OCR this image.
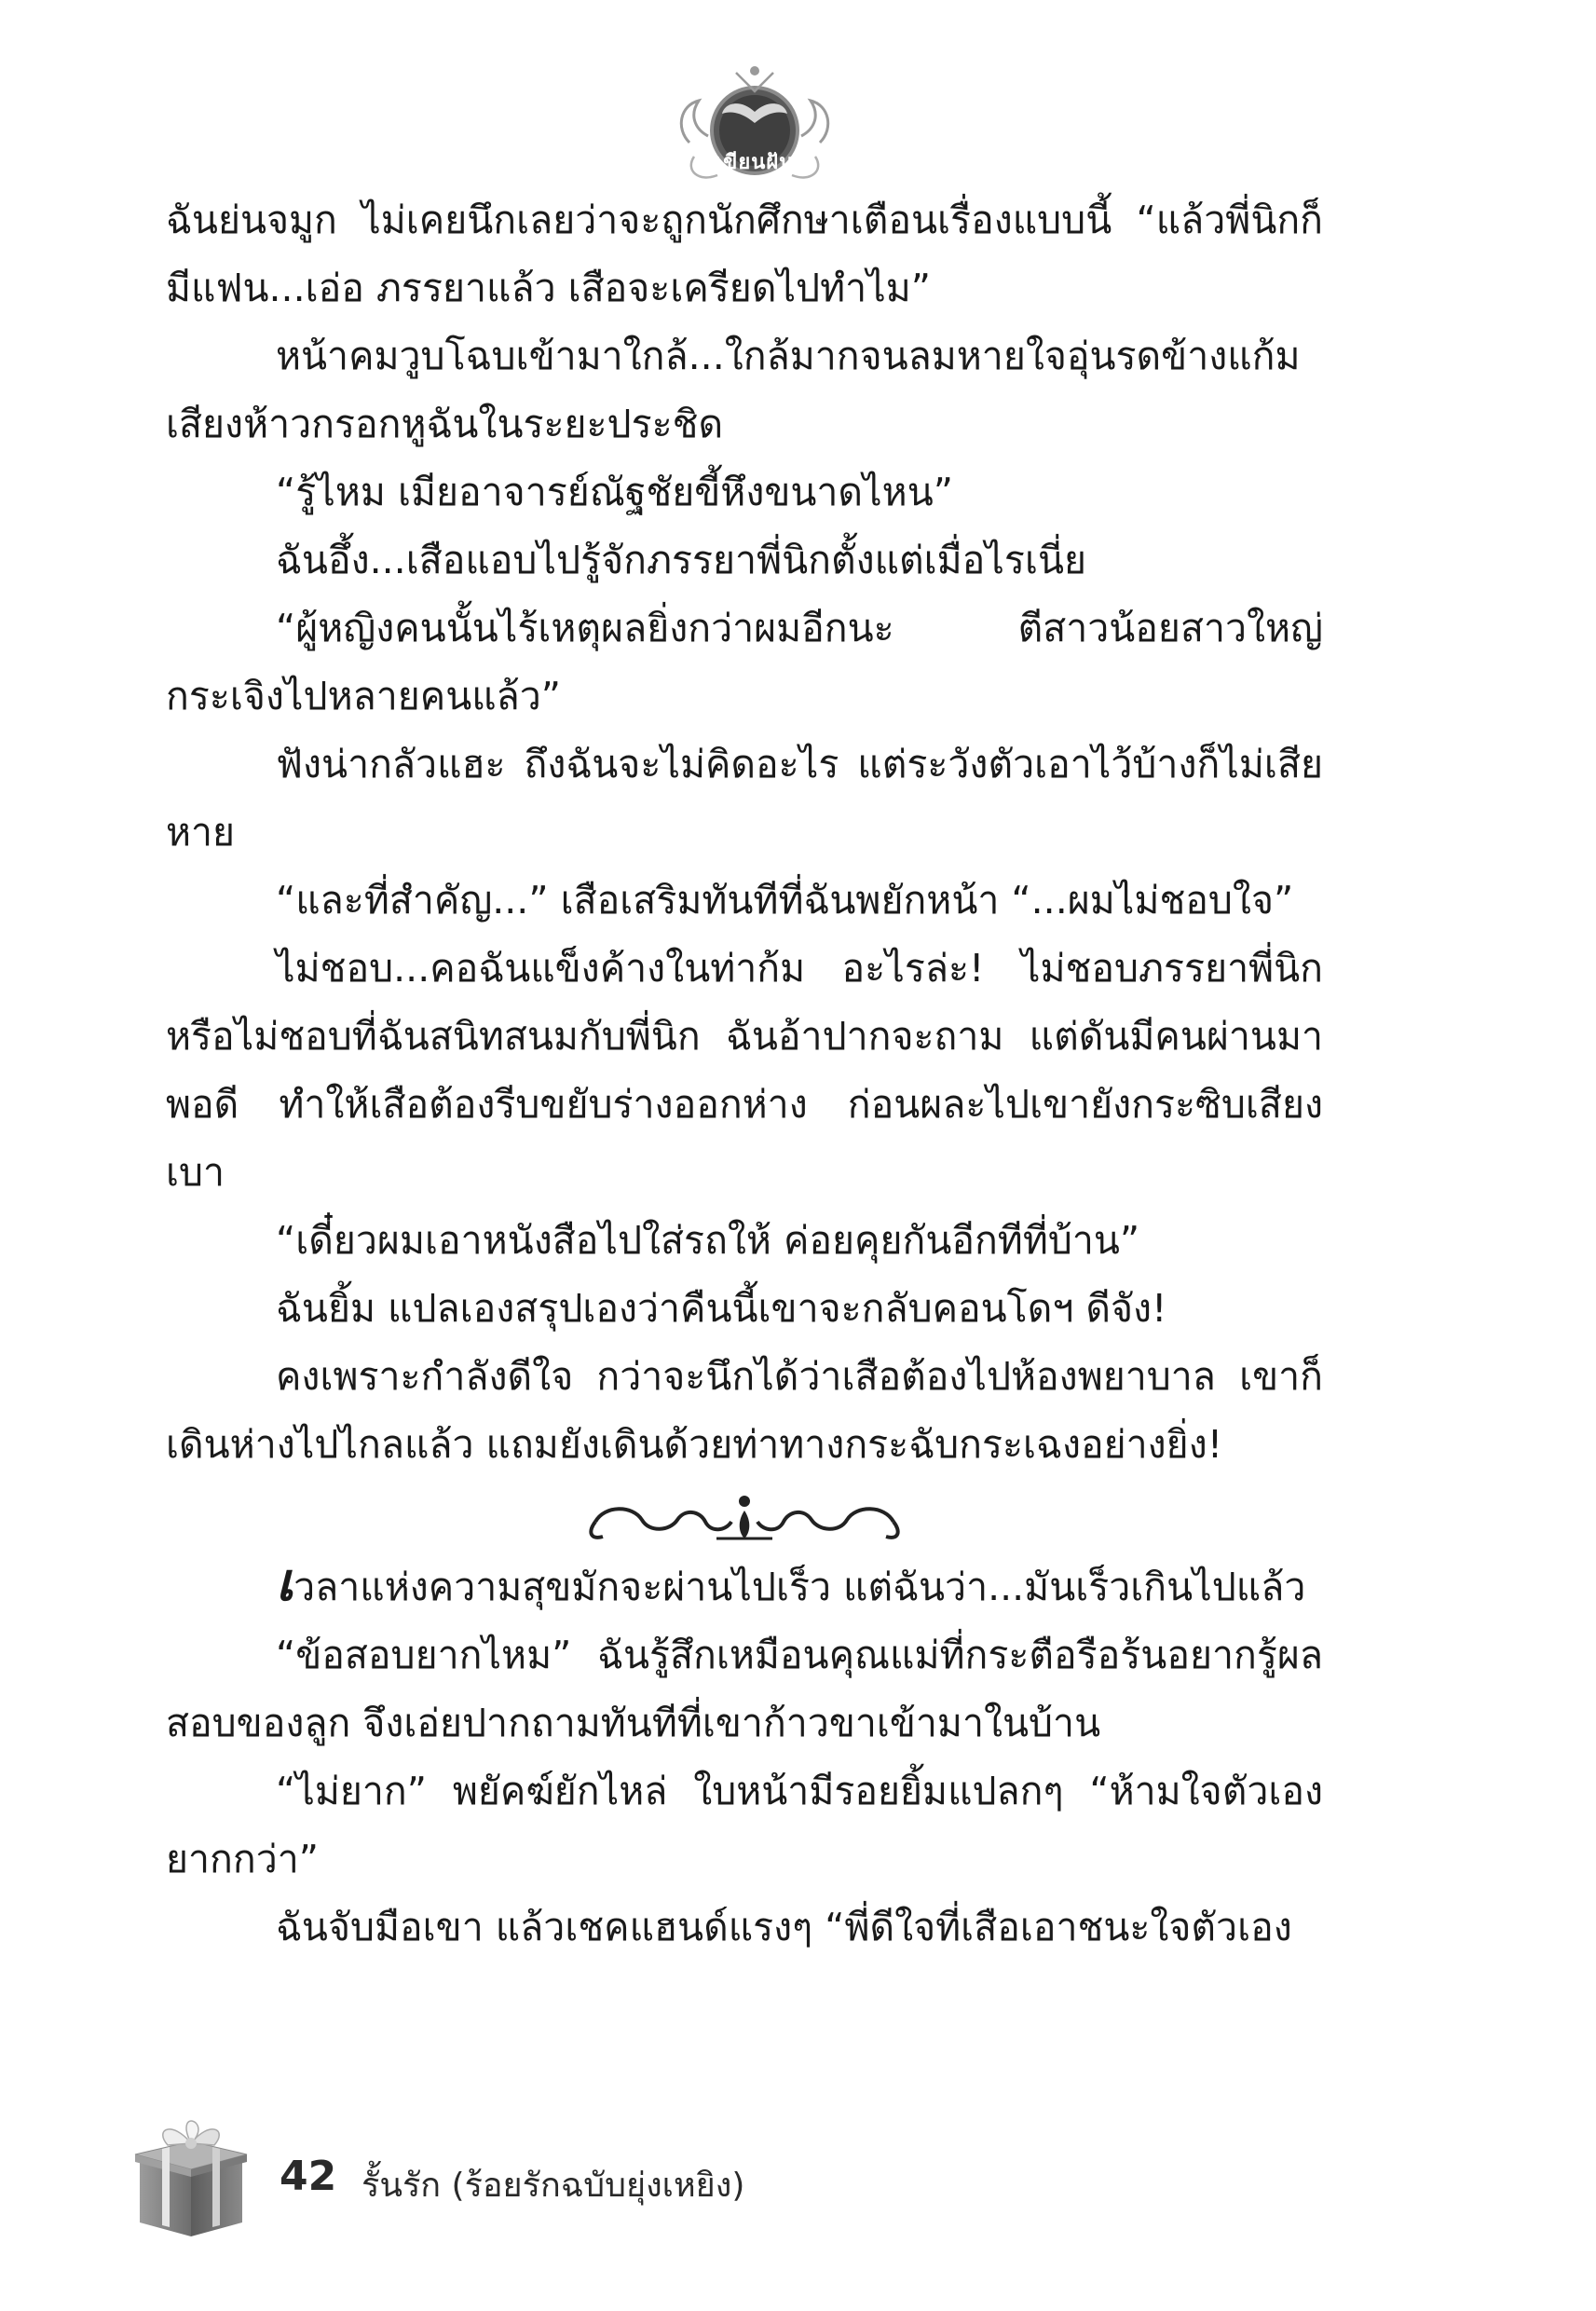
เขียนฝัน

ฉันย่นจมูก ไม่เคยนึกเลยว่าจะถูกนักศึกษาเตือนเรื่องแบบนี้ “แล้วพี่นิกก็มีแฟน...เอ่อ ภรรยาแล้ว เสือจะเครียดไปทำไม”

หน้าคมวูบโฉบเข้ามาใกล้...ใกล้มากจนลมหายใจอุ่นรดข้างแก้มเสียงห้าวกรอกหูฉันในระยะประชิด

“รู้ไหม เมียอาจารย์ณัฐชัยขี้หึงขนาดไหน”

ฉันอึ้ง...เสือแอบไปรู้จักภรรยาพี่นิกตั้งแต่เมื่อไรเนี่ย

“ผู้หญิงคนนั้นไร้เหตุผลยิ่งกว่าผมอีกนะ ตีสาวน้อยสาวใหญ่กระเจิงไปหลายคนแล้ว”

ฟังน่ากลัวแฮะ ถึงฉันจะไม่คิดอะไร แต่ระวังตัวเอาไว้บ้างก็ไม่เสียหาย

“และที่สำคัญ...” เสือเสริมทันทีที่ฉันพยักหน้า “...ผมไม่ชอบใจ”

ไม่ชอบ...คอฉันแข็งค้างในท่าก้ม อะไรล่ะ! ไม่ชอบภรรยาพี่นิกหรือไม่ชอบที่ฉันสนิทสนมกับพี่นิก ฉันอ้าปากจะถาม แต่ดันมีคนผ่านมาพอดี ทำให้เสือต้องรีบขยับร่างออกห่าง ก่อนผละไปเขายังกระซิบเสียงเบา

“เดี๋ยวผมเอาหนังสือไปใส่รถให้ ค่อยคุยกันอีกทีที่บ้าน”

ฉันยิ้ม แปลเองสรุปเองว่าคืนนี้เขาจะกลับคอนโดฯ ดีจัง!

คงเพราะกำลังดีใจ กว่าจะนึกได้ว่าเสือต้องไปห้องพยาบาล เขาก็เดินห่างไปไกลแล้ว แถมยังเดินด้วยท่าทางกระฉับกระเฉงอย่างยิ่ง!

เวลาแห่งความสุขมักจะผ่านไปเร็ว แต่ฉันว่า...มันเร็วเกินไปแล้ว

“ข้อสอบยากไหม” ฉันรู้สึกเหมือนคุณแม่ที่กระตือรือร้นอยากรู้ผลสอบของลูก จึงเอ่ยปากถามทันทีที่เขาก้าวขาเข้ามาในบ้าน

“ไม่ยาก” พยัคฆ์ยักไหล่ ใบหน้ามีรอยยิ้มแปลกๆ “ห้ามใจตัวเองยากกว่า”

ฉันจับมือเขา แล้วเชคแฮนด์แรงๆ “พี่ดีใจที่เสือเอาชนะใจตัวเอง

42 รั้นรัก (ร้อยรักฉบับยุ่งเหยิง)
